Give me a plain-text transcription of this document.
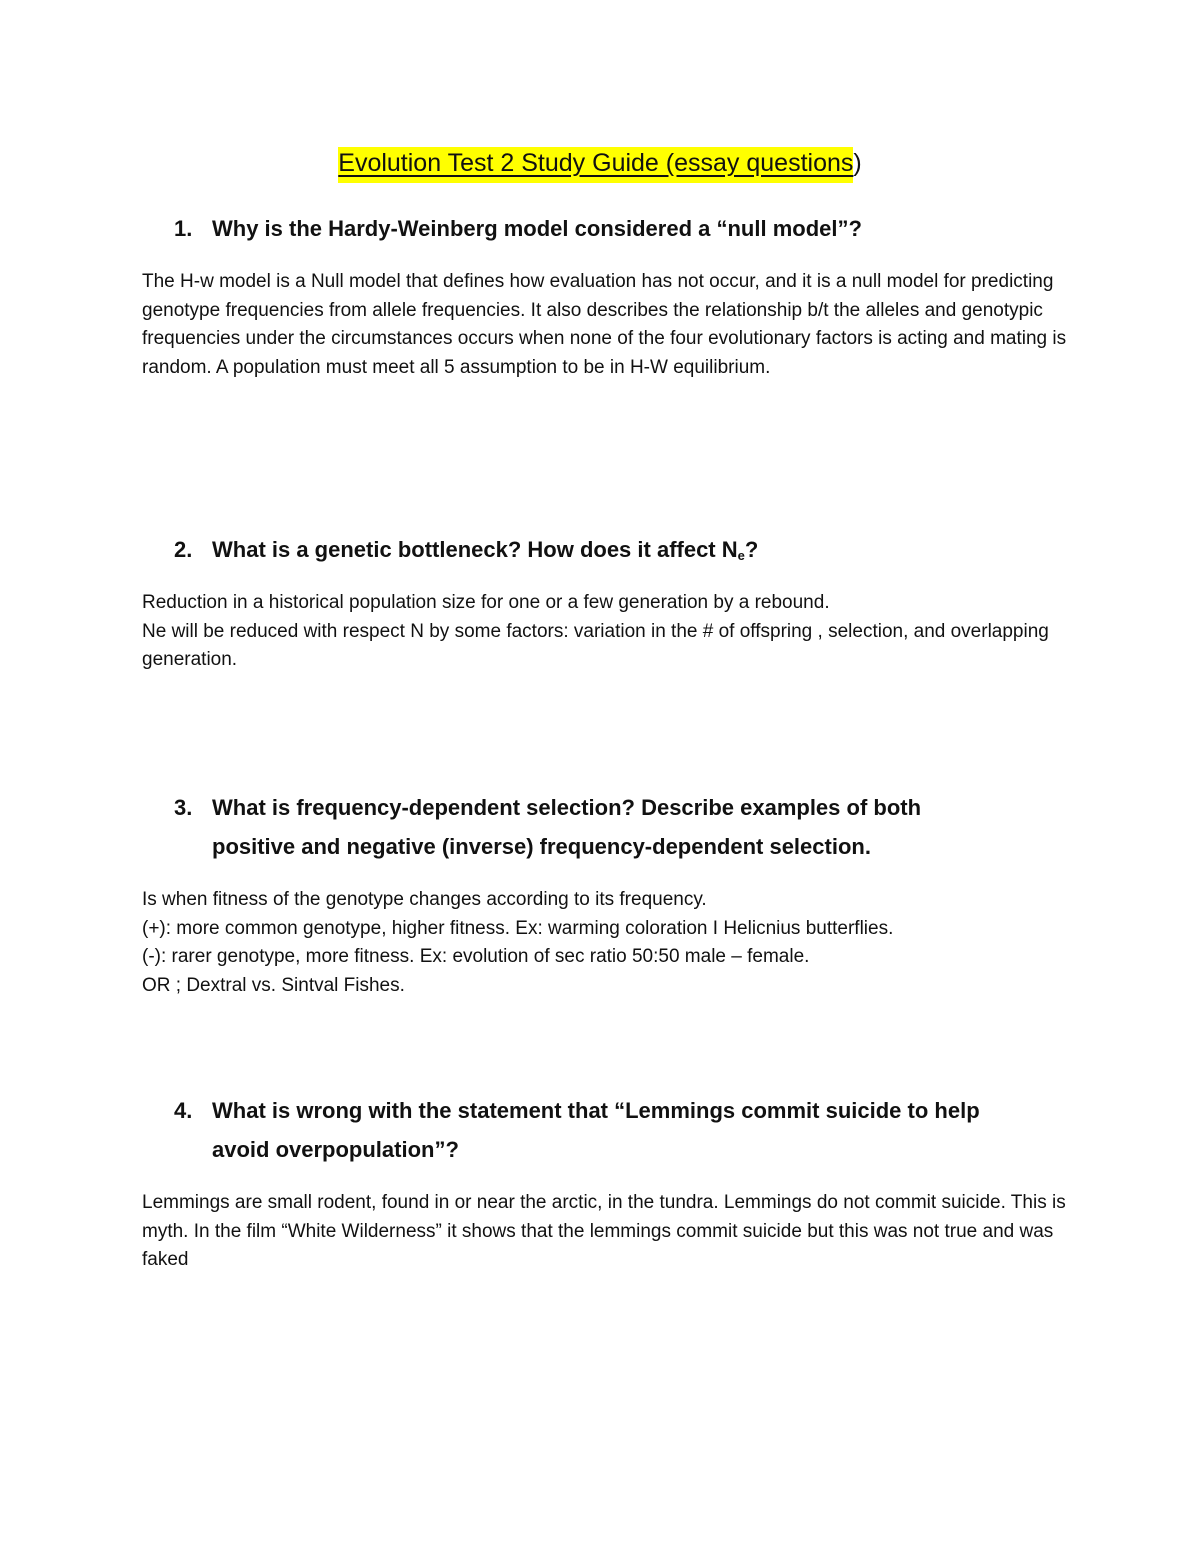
Evolution Test 2 Study Guide (essay questions)
1. Why is the Hardy-Weinberg model considered a “null model”?

The H-w model is a Null model that defines how evaluation has not occur, and it is a null model for predicting genotype frequencies from allele frequencies. It also describes the relationship b/t the alleles and genotypic frequencies under the circumstances occurs when none of the four evolutionary factors is acting and mating is random. A population must meet all 5 assumption to be in H-W equilibrium.

2. What is a genetic bottleneck? How does it affect $N_e$?

Reduction in a historical population size for one or a few generation by a rebound.

Ne will be reduced with respect N by some factors: variation in the # of offspring , selection, and overlapping generation.

3. What is frequency-dependent selection? Describe examples of both
positive and negative (inverse) frequency-dependent selection.

Is when fitness of the genotype changes according to its frequency.

(+): more common genotype, higher fitness. Ex: warming coloration I Helicnius butterflies.

(-): rarer genotype, more fitness. Ex: evolution of sec ratio 50:50 male – female.

OR ; Dextral vs. Sintval Fishes.

4. What is wrong with the statement that “Lemmings commit suicide to help
avoid overpopulation”?

Lemmings are small rodent, found in or near the arctic, in the tundra. Lemmings do not commit suicide. This is myth. In the film “White Wilderness” it shows that the lemmings commit suicide but this was not true and was faked
